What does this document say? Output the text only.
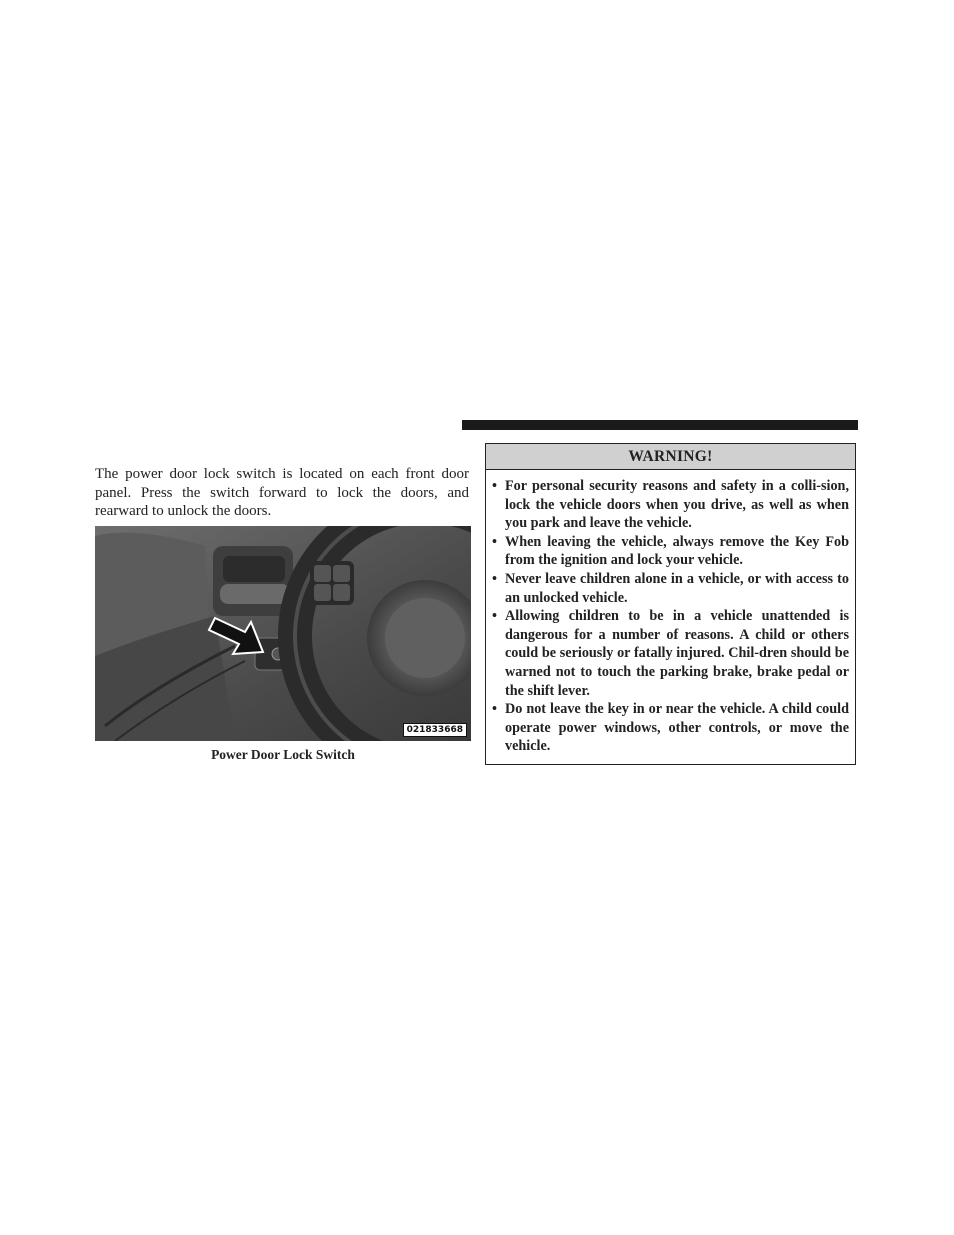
The power door lock switch is located on each front door panel. Press the switch forward to lock the doors, and rearward to unlock the doors.

021833668
Power Door Lock Switch
WARNING!
• For personal security reasons and safety in a colli-sion, lock the vehicle doors when you drive, as well as when you park and leave the vehicle.
• When leaving the vehicle, always remove the Key Fob from the ignition and lock your vehicle.
• Never leave children alone in a vehicle, or with access to an unlocked vehicle.
• Allowing children to be in a vehicle unattended is dangerous for a number of reasons. A child or others could be seriously or fatally injured. Chil-dren should be warned not to touch the parking brake, brake pedal or the shift lever.
• Do not leave the key in or near the vehicle. A child could operate power windows, other controls, or move the vehicle.
